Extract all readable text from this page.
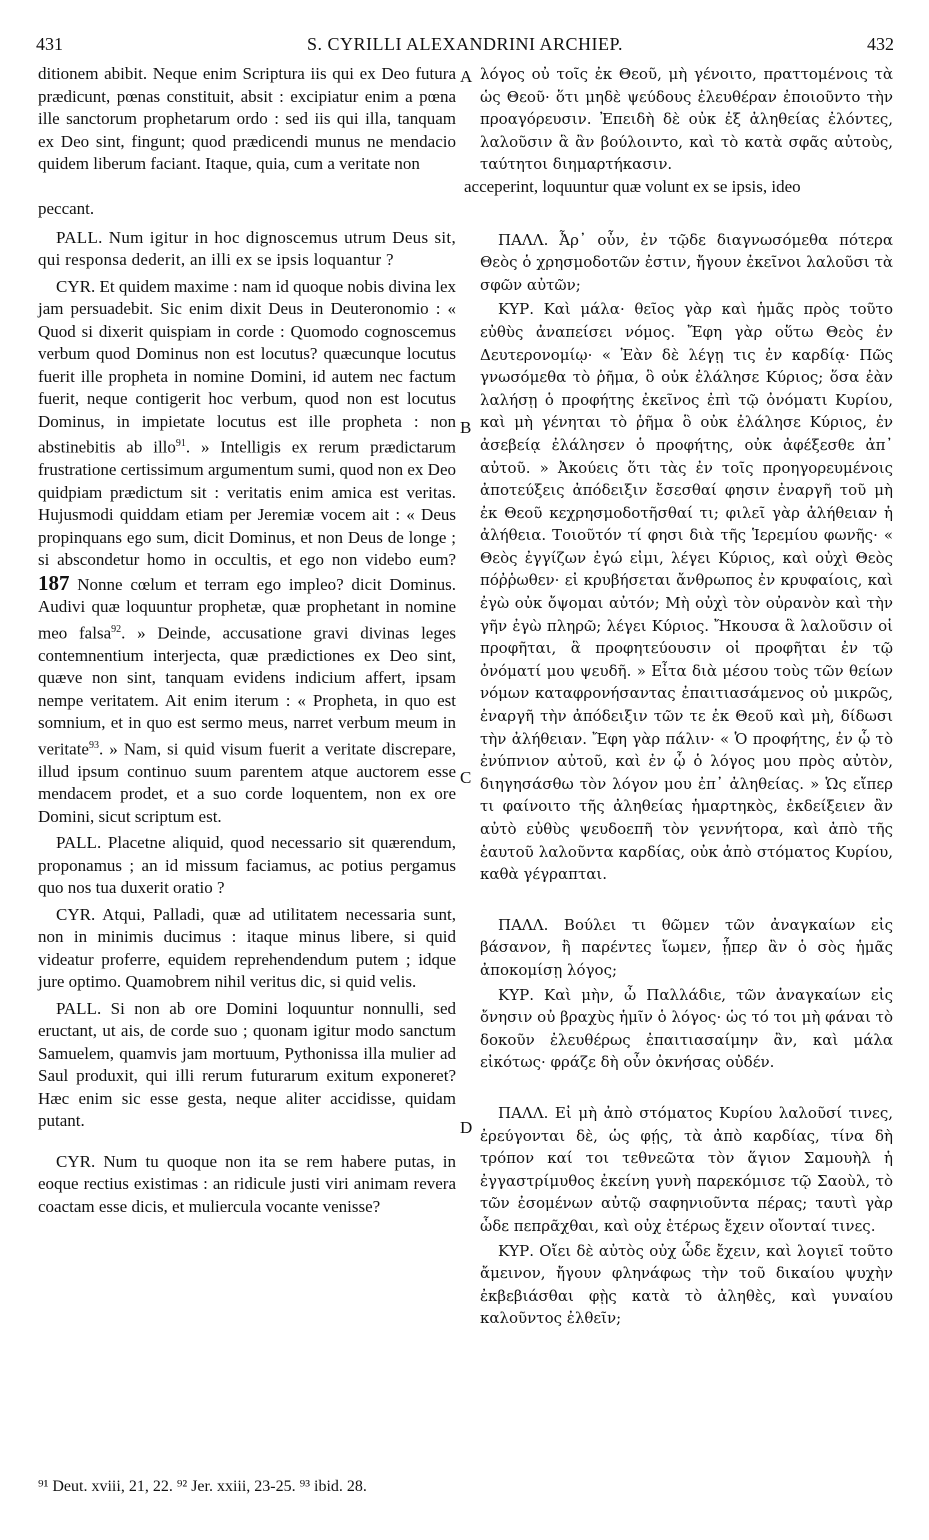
431	S. CYRILLI ALEXANDRINI ARCHIEP.	432
A
B
C
D

ditionem abibit. Neque enim Scriptura iis qui ex Deo futura prædicunt, pœnas constituit, absit : excipiatur enim a pœna ille sanctorum prophetarum ordo : sed iis qui illa, tanquam ex Deo sint, fingunt; quod prædicendi munus ne mendacio quidem liberum faciant. Itaque, quia, cum a veritate non

peccant.

PALL. Num igitur in hoc dignoscemus utrum Deus sit, qui responsa dederit, an illi ex se ipsis loquantur ?

CYR. Et quidem maxime : nam id quoque nobis divina lex jam persuadebit. Sic enim dixit Deus in Deuteronomio : « Quod si dixerit quispiam in corde : Quomodo cognoscemus verbum quod Dominus non est locutus? quæcunque locutus fuerit ille propheta in nomine Domini, id autem nec factum fuerit, neque contigerit hoc verbum, quod non est locutus Dominus, in impietate locutus est ille propheta : non abstinebitis ab illo$^{91}$. » Intelligis ex rerum prædictarum frustratione certissimum argumentum sumi, quod non ex Deo quidpiam prædictum sit : veritatis enim amica est veritas. Hujusmodi quiddam etiam per Jeremiæ vocem ait : « Deus propinquans ego sum, dicit Dominus, et non Deus de longe ; si abscondetur homo in occultis, et ego non videbo eum? 187 Nonne cœlum et terram ego impleo? dicit Dominus. Audivi quæ loquuntur prophetæ, quæ prophetant in nomine meo falsa$^{92}$. » Deinde, accusatione gravi divinas leges contemnentium interjecta, quæ prædictiones ex Deo sint, quæve non sint, tanquam evidens indicium affert, ipsam nempe veritatem. Ait enim iterum : « Propheta, in quo est somnium, et in quo est sermo meus, narret verbum meum in veritate$^{93}$. » Nam, si quid visum fuerit a veritate discrepare, illud ipsum continuo suum parentem atque auctorem esse mendacem prodet, et a suo corde loquentem, non ex ore Domini, sicut scriptum est.

PALL. Placetne aliquid, quod necessario sit quærendum, proponamus ; an id missum faciamus, ac potius pergamus quo nos tua duxerit oratio ?

CYR. Atqui, Palladi, quæ ad utilitatem necessaria sunt, non in minimis ducimus : itaque minus libere, si quid videatur proferre, equidem reprehendendum putem ; idque jure optimo. Quamobrem nihil veritus dic, si quid velis.

PALL. Si non ab ore Domini loquuntur nonnulli, sed eructant, ut ais, de corde suo ; quonam igitur modo sanctum Samuelem, quamvis jam mortuum, Pythonissa illa mulier ad Saul produxit, qui illi rerum futurarum exitum exponeret? Hæc enim sic esse gesta, neque aliter accidisse, quidam putant.

CYR. Num tu quoque non ita se rem habere putas, in eoque rectius existimas : an ridicule justi viri animam revera coactam esse dicis, et muliercula vocante venisse?

λόγος οὐ τοῖς ἐκ Θεοῦ, μὴ γένοιτο, πραττομένοις τὰ ὡς Θεοῦ· ὅτι μηδὲ ψεύδους ἐλευθέραν ἐποιοῦντο τὴν προαγόρευσιν. Ἐπειδὴ δὲ οὐκ ἐξ ἀληθείας ἐλόντες, λαλοῦσιν ἃ ἂν βούλοιντο, καὶ τὸ κατὰ σφᾶς αὐτοὺς, ταύτητοι διημαρτήκασιν.

acceperint, loquuntur quæ volunt ex se ipsis, ideo

ΠΑΛΛ. Ἆρ᾽ οὖν, ἐν τῷδε διαγνωσόμεθα πότερα Θεὸς ὁ χρησμοδοτῶν ἐστιν, ἤγουν ἐκεῖνοι λαλοῦσι τὰ σφῶν αὐτῶν;

ΚΥΡ. Καὶ μάλα· θεῖος γὰρ καὶ ἡμᾶς πρὸς τοῦτο εὐθὺς ἀναπείσει νόμος. Ἔφη γὰρ οὕτω Θεὸς ἐν Δευτερονομίῳ· « Ἐὰν δὲ λέγῃ τις ἐν καρδίᾳ· Πῶς γνωσόμεθα τὸ ῥῆμα, ὃ οὐκ ἐλάλησε Κύριος; ὅσα ἐὰν λαλήσῃ ὁ προφήτης ἐκεῖνος ἐπὶ τῷ ὀνόματι Κυρίου, καὶ μὴ γένηται τὸ ῥῆμα ὃ οὐκ ἐλάλησε Κύριος, ἐν ἀσεβείᾳ ἐλάλησεν ὁ προφήτης, οὐκ ἀφέξεσθε ἀπ᾽ αὐτοῦ. » Ἀκούεις ὅτι τὰς ἐν τοῖς προηγορευμένοις ἀποτεύξεις ἀπόδειξιν ἔσεσθαί φησιν ἐναργῆ τοῦ μὴ ἐκ Θεοῦ κεχρησμοδοτῆσθαί τι; φιλεῖ γὰρ ἀλήθειαν ἡ ἀλήθεια. Τοιοῦτόν τί φησι διὰ τῆς Ἱερεμίου φωνῆς· « Θεὸς ἐγγίζων ἐγώ εἰμι, λέγει Κύριος, καὶ οὐχὶ Θεὸς πόῤῥωθεν· εἰ κρυβήσεται ἄνθρωπος ἐν κρυφαίοις, καὶ ἐγὼ οὐκ ὄψομαι αὐτόν; Μὴ οὐχὶ τὸν οὐρανὸν καὶ τὴν γῆν ἐγὼ πληρῶ; λέγει Κύριος. Ἤκουσα ἃ λαλοῦσιν οἱ προφῆται, ἃ προφητεύουσιν οἱ προφῆται ἐν τῷ ὀνόματί μου ψευδῆ. » Εἶτα διὰ μέσου τοὺς τῶν θείων νόμων καταφρονήσαντας ἐπαιτιασάμενος οὐ μικρῶς, ἐναργῆ τὴν ἀπόδειξιν τῶν τε ἐκ Θεοῦ καὶ μὴ, δίδωσι τὴν ἀλήθειαν. Ἔφη γὰρ πάλιν· « Ὁ προφήτης, ἐν ᾧ τὸ ἐνύπνιον αὐτοῦ, καὶ ἐν ᾧ ὁ λόγος μου πρὸς αὐτὸν, διηγησάσθω τὸν λόγον μου ἐπ᾽ ἀληθείας. » Ὡς εἴπερ τι φαίνοιτο τῆς ἀληθείας ἡμαρτηκὸς, ἐκδείξειεν ἂν αὐτὸ εὐθὺς ψευδοεπῆ τὸν γεννήτορα, καὶ ἀπὸ τῆς ἑαυτοῦ λαλοῦντα καρδίας, οὐκ ἀπὸ στόματος Κυρίου, καθὰ γέγραπται.

ΠΑΛΛ. Βούλει τι θῶμεν τῶν ἀναγκαίων εἰς βάσανον, ἢ παρέντες ἴωμεν, ᾗπερ ἂν ὁ σὸς ἡμᾶς ἀποκομίσῃ λόγος;

ΚΥΡ. Καὶ μὴν, ὦ Παλλάδιε, τῶν ἀναγκαίων εἰς ὄνησιν οὐ βραχὺς ἡμῖν ὁ λόγος· ὡς τό τοι μὴ φάναι τὸ δοκοῦν ἐλευθέρως ἐπαιτιασαίμην ἂν, καὶ μάλα εἰκότως· φράζε δὴ οὖν ὀκνήσας οὐδέν.

ΠΑΛΛ. Εἰ μὴ ἀπὸ στόματος Κυρίου λαλοῦσί τινες, ἐρεύγονται δὲ, ὡς φῄς, τὰ ἀπὸ καρδίας, τίνα δὴ τρόπον καί τοι τεθνεῶτα τὸν ἅγιον Σαμουὴλ ἡ ἐγγαστρίμυθος ἐκείνη γυνὴ παρεκόμισε τῷ Σαοὺλ, τὸ τῶν ἐσομένων αὐτῷ σαφηνιοῦντα πέρας; ταυτὶ γὰρ ὧδε πεπρᾶχθαι, καὶ οὐχ ἑτέρως ἔχειν οἴονταί τινες.

ΚΥΡ. Οἴει δὲ αὐτὸς οὐχ ὧδε ἔχειν, καὶ λογιεῖ τοῦτο ἄμεινον, ἤγουν φληνάφως τὴν τοῦ δικαίου ψυχὴν ἐκβεβιάσθαι φῂς κατὰ τὸ ἀληθὲς, καὶ γυναίου καλοῦντος ἐλθεῖν;

⁹¹ Deut. xviii, 21, 22. ⁹² Jer. xxiii, 23-25. ⁹³ ibid. 28.
